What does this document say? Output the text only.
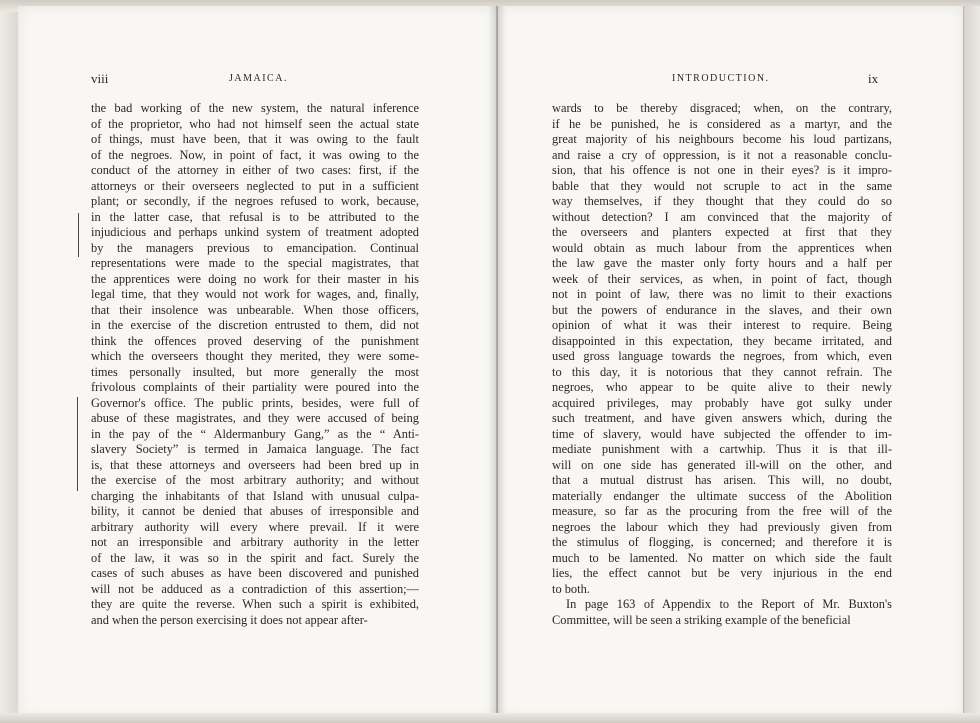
viii	JAMAICA.	INTRODUCTION.	ix
the bad working of the new system, the natural inference
of the proprietor, who had not himself seen the actual state
of things, must have been, that it was owing to the fault
of the negroes. Now, in point of fact, it was owing to the
conduct of the attorney in either of two cases: first, if the
attorneys or their overseers neglected to put in a sufficient
plant; or secondly, if the negroes refused to work, because,
in the latter case, that refusal is to be attributed to the
injudicious and perhaps unkind system of treatment adopted
by the managers previous to emancipation. Continual
representations were made to the special magistrates, that
the apprentices were doing no work for their master in his
legal time, that they would not work for wages, and, finally,
that their insolence was unbearable. When those officers,
in the exercise of the discretion entrusted to them, did not
think the offences proved deserving of the punishment
which the overseers thought they merited, they were some-
times personally insulted, but more generally the most
frivolous complaints of their partiality were poured into the
Governor's office. The public prints, besides, were full of
abuse of these magistrates, and they were accused of being
in the pay of the “ Aldermanbury Gang,” as the “ Anti-
slavery Society” is termed in Jamaica language. The fact
is, that these attorneys and overseers had been bred up in
the exercise of the most arbitrary authority; and without
charging the inhabitants of that Island with unusual culpa-
bility, it cannot be denied that abuses of irresponsible and
arbitrary authority will every where prevail. If it were
not an irresponsible and arbitrary authority in the letter
of the law, it was so in the spirit and fact. Surely the
cases of such abuses as have been discovered and punished
will not be adduced as a contradiction of this assertion;—
they are quite the reverse. When such a spirit is exhibited,
and when the person exercising it does not appear after-
wards to be thereby disgraced; when, on the contrary,
if he be punished, he is considered as a martyr, and the
great majority of his neighbours become his loud partizans,
and raise a cry of oppression, is it not a reasonable conclu-
sion, that his offence is not one in their eyes? is it impro-
bable that they would not scruple to act in the same
way themselves, if they thought that they could do so
without detection? I am convinced that the majority of
the overseers and planters expected at first that they
would obtain as much labour from the apprentices when
the law gave the master only forty hours and a half per
week of their services, as when, in point of fact, though
not in point of law, there was no limit to their exactions
but the powers of endurance in the slaves, and their own
opinion of what it was their interest to require. Being
disappointed in this expectation, they became irritated, and
used gross language towards the negroes, from which, even
to this day, it is notorious that they cannot refrain. The
negroes, who appear to be quite alive to their newly
acquired privileges, may probably have got sulky under
such treatment, and have given answers which, during the
time of slavery, would have subjected the offender to im-
mediate punishment with a cartwhip. Thus it is that ill-
will on one side has generated ill-will on the other, and
that a mutual distrust has arisen. This will, no doubt,
materially endanger the ultimate success of the Abolition
measure, so far as the procuring from the free will of the
negroes the labour which they had previously given from
the stimulus of flogging, is concerned; and therefore it is
much to be lamented. No matter on which side the fault
lies, the effect cannot but be very injurious in the end
to both.
In page 163 of Appendix to the Report of Mr. Buxton's
Committee, will be seen a striking example of the beneficial
